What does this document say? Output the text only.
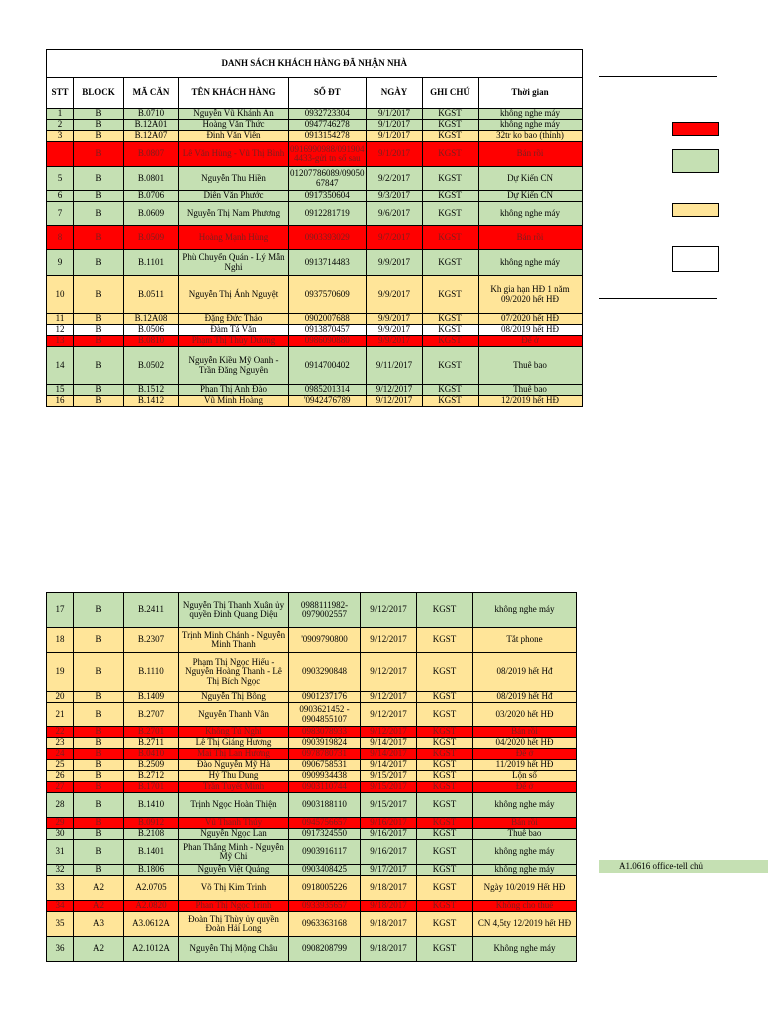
DANH SÁCH KHÁCH HÀNG ĐÃ NHẬN NHÀ							
STT	BLOCK	MÃ CĂN	TÊN KHÁCH HÀNG	SỐ ĐT	NGÀY	GHI CHÚ	Thời gian
1	B	B.0710	Nguyễn Vũ Khánh An	0932723304	9/1/2017	KGST	không nghe máy
2	B	B.12A01	Hoàng Văn Thức	0947746278	9/1/2017	KGST	không nghe máy
3	B	B.12A07	Đinh Văn Viên	0913154278	9/1/2017	KGST	32tr ko bao (thỉnh)
	B	B.0807	Lê Văn Hùng - Vũ Thị Bình	0916990988/091904 4433-gửi tn số sau	9/1/2017	KGST	Bán rồi
5	B	B.0801	Nguyễn Thu Hiền	01207786089/09050 67847	9/2/2017	KGST	Dự Kiến CN
6	B	B.0706	Diên Văn Phước	0917350604	9/3/2017	KGST	Dự Kiến CN
7	B	B.0609	Nguyễn Thị Nam Phương	0912281719	9/6/2017	KGST	không nghe máy
8	B	B.0509	Hoàng Mạnh Hùng	0903393029	9/7/2017	KGST	Bán rồi
9	B	B.1101	Phù Chuyển Quán - Lý Mẫn Nghi	0913714483	9/9/2017	KGST	không nghe máy
10	B	B.0511	Nguyễn Thị Ánh Nguyệt	0937570609	9/9/2017	KGST	Kh gia hạn HĐ 1 năm 09/2020 hết HĐ
11	B	B.12A08	Đặng Đức Thảo	0902007688	9/9/2017	KGST	07/2020 hết HĐ
12	B	B.0506	Đàm Tá Văn	0913870457	9/9/2017	KGST	08/2019 hết HĐ
13	B	B.0810	Phạm Thị Thùy Dương	0986090880	9/9/2017	KGST	Để ở
14	B	B.0502	Nguyễn Kiều Mỹ Oanh - Trần Đăng Nguyên	0914700402	9/11/2017	KGST	Thuê bao
15	B	B.1512	Phan Thị Anh Đào	0985201314	9/12/2017	KGST	Thuê bao
16	B	B.1412	Vũ Minh Hoàng	'0942476789	9/12/2017	KGST	12/2019 hết HĐ
17	B	B.2411	Nguyễn Thị Thanh Xuân ủy quyền Đinh Quang Diệu	0988111982-0979002557	9/12/2017	KGST	không nghe máy
18	B	B.2307	Trịnh Minh Chánh - Nguyễn Minh Thanh	'0909790800	9/12/2017	KGST	Tắt phone
19	B	B.1110	Phạm Thị Ngọc Hiếu - Nguyễn Hoàng Thanh - Lê Thị Bích Ngọc	0903290848	9/12/2017	KGST	08/2019 hết Hđ
20	B	B.1409	Nguyễn Thị Bông	0901237176	9/12/2017	KGST	08/2019 hết Hđ
21	B	B.2707	Nguyễn Thanh Vân	0903621452 - 0904855107	9/12/2017	KGST	03/2020 hết HĐ
22	B	B.2701	Không Tú Nghi	0983078933	9/12/2017	KGST	Bán rồi
23	B	B.2711	Lê Thị Giáng Hương	0903919824	9/14/2017	KGST	04/2020 hết HĐ
24	B	B.0410	Mai Thị Lan Hương	0978780731	9/14/2017	KGST	Để ở
25	B	B.2509	Đào Nguyễn Mỹ Hà	0906758531	9/14/2017	KGST	11/2019 hết HĐ
26	B	B.2712	Hỷ Thu Dung	0909934438	9/15/2017	KGST	Lộn số
27	B	B.1701	Trần Tuyết Minh	0903110744	9/15/2017	KGST	Để ở
28	B	B.1410	Trịnh Ngọc Hoàn Thiện	0903188110	9/15/2017	KGST	không nghe máy
29	B	B.0912	Vũ Thanh Thúy	0945756657	9/16/2017	KGST	Bán rồi
30	B	B.2108	Nguyễn Ngọc Lan	0917324550	9/16/2017	KGST	Thuê bao
31	B	B.1401	Phan Thắng Minh - Nguyễn Mỹ Chi	0903916117	9/16/2017	KGST	không nghe máy
32	B	B.1806	Nguyễn Việt Quảng	0903408425	9/17/2017	KGST	không nghe máy
33	A2	A2.0705	Võ Thị Kim Trinh	0918005226	9/18/2017	KGST	Ngày 10/2019 Hết HĐ
34	A2	A2.0820	Phan Thị Ngọc Trinh	0933935657	9/18/2017	KGST	Không cho thuê
35	A3	A3.0612A	Đoàn Thị Thùy ủy quyền Đoàn Hải Long	0963363168	9/18/2017	KGST	CN 4,5ty 12/2019 hết HĐ
36	A2	A2.1012A	Nguyễn Thị Mộng Châu	0908208799	9/18/2017	KGST	Không nghe máy
A1.0616 office-tell chủ
